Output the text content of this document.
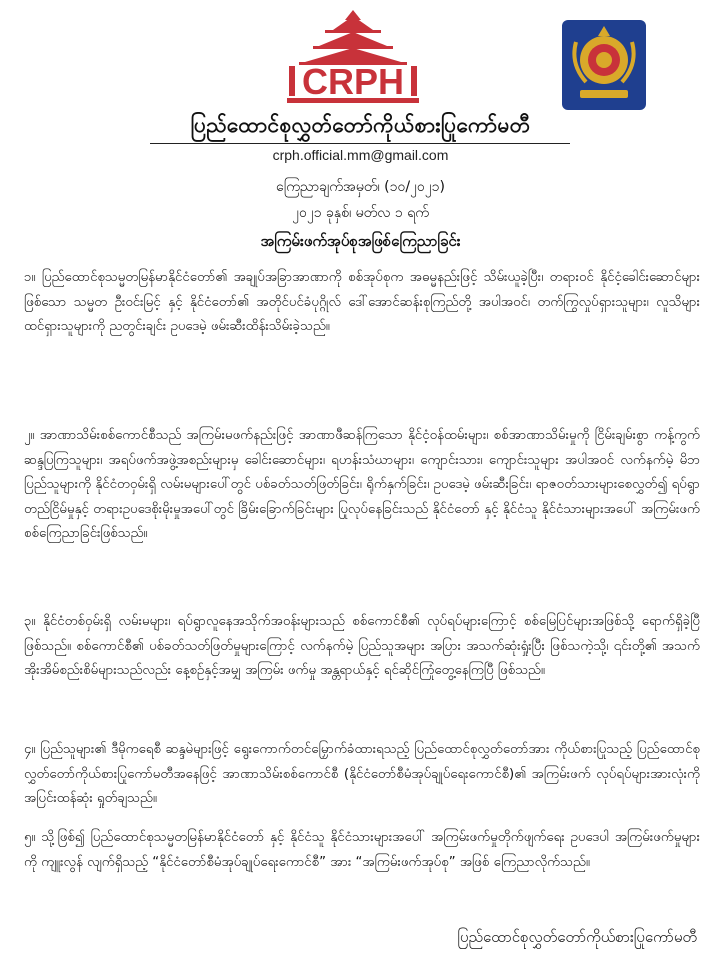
CRPH
ပြည်ထောင်စုလွှတ်တော်ကိုယ်စားပြုကော်မတီ
crph.official.mm@gmail.com
ကြေညာချက်အမှတ်၊ (၁၀/၂၀၂၁)
၂၀၂၁ ခုနှစ်၊ မတ်လ ၁ ရက်
အကြမ်းဖက်အုပ်စုအဖြစ်ကြေညာခြင်း
၁။ ပြည်ထောင်စုသမ္မတမြန်မာနိုင်ငံတော်၏ အချုပ်အခြာအာဏာကို စစ်အုပ်စုက အဓမ္မနည်းဖြင့် သိမ်းယူခဲ့ပြီး၊ တရားဝင် နိုင်ငံ့ခေါင်းဆောင်များဖြစ်သော သမ္မတ ဦးဝင်းမြင့် နှင့် နိုင်ငံတော်၏ အတိုင်ပင်ခံပုဂ္ဂိုလ် ဒေါ်အောင်ဆန်းစုကြည်တို့ အပါအဝင်၊ တက်ကြွလှုပ်ရှားသူများ၊ လူသိများထင်ရှားသူများကို ညတွင်းချင်း ဥပဒေမဲ့ ဖမ်းဆီးထိန်းသိမ်းခဲ့သည်။
၂။ အာဏာသိမ်းစစ်ကောင်စီသည် အကြမ်းမဖက်နည်းဖြင့် အာဏာဖီဆန်ကြသော နိုင်ငံ့ဝန်ထမ်းများ၊ စစ်အာဏာသိမ်းမှုကို ငြိမ်းချမ်းစွာ ကန့်ကွက် ဆန္ဒပြကြသူများ၊ အရပ်ဖက်အဖွဲ့အစည်းများမှ ခေါင်းဆောင်များ၊ ရဟန်းသံဃာများ၊ ကျောင်းသား၊ ကျောင်းသူများ အပါအဝင် လက်နက်မဲ့ မိဘပြည်သူများကို နိုင်ငံတဝှမ်းရှိ လမ်းမများပေါ်တွင် ပစ်ခတ်သတ်ဖြတ်ခြင်း၊ ရိုက်နှက်ခြင်း၊ ဥပဒေမဲ့ ဖမ်းဆီးခြင်း၊ ရာဇဝတ်သားများစေလွှတ်၍ ရပ်ရွာတည်ငြိမ်မှုနှင့် တရားဥပဒေစိုးမိုးမှုအပေါ်တွင် ခြိမ်းခြောက်ခြင်းများ ပြုလုပ်နေခြင်းသည် နိုင်ငံတော် နှင့် နိုင်ငံသူ နိုင်ငံသားများအပေါ် အကြမ်းဖက် စစ်ကြေညာခြင်းဖြစ်သည်။
၃။ နိုင်ငံတစ်ဝှမ်းရှိ လမ်းမများ၊ ရပ်ရွာလူနေအသိုက်အဝန်းများသည် စစ်ကောင်စီ၏ လုပ်ရပ်များကြောင့် စစ်မြေပြင်များအဖြစ်သို့ ရောက်ရှိခဲ့ပြီ ဖြစ်သည်။ စစ်ကောင်စီ၏ ပစ်ခတ်သတ်ဖြတ်မှုများကြောင့် လက်နက်မဲ့ ပြည်သူအများ အပြား အသက်ဆုံးရှုံးပြီး ဖြစ်သကဲ့သို့၊ ၎င်းတို့၏ အသက်အိုးအိမ်စည်းစိမ်များသည်လည်း နေ့စဉ်နှင့်အမျှ အကြမ်း ဖက်မှု အန္တရာယ်နှင့် ရင်ဆိုင်ကြုံတွေ့နေကြပြီ ဖြစ်သည်။
၄။ ပြည်သူများ၏ ဒီမိုကရေစီ ဆန္ဒမဲများဖြင့် ရွေးကောက်တင်မြှောက်ခံထားရသည့် ပြည်ထောင်စုလွှတ်တော်အား ကိုယ်စားပြုသည့် ပြည်ထောင်စုလွှတ်တော်ကိုယ်စားပြုကော်မတီအနေဖြင့် အာဏာသိမ်းစစ်ကောင်စီ (နိုင်ငံတော်စီမံအုပ်ချုပ်ရေးကောင်စီ)၏ အကြမ်းဖက် လုပ်ရပ်များအားလုံးကို အပြင်းထန်ဆုံး ရှုတ်ချသည်။
၅။ သို့ဖြစ်၍ ပြည်ထောင်စုသမ္မတမြန်မာနိုင်ငံတော် နှင့် နိုင်ငံသူ နိုင်ငံသားများအပေါ် အကြမ်းဖက်မှုတိုက်ဖျက်ရေး ဥပဒေပါ အကြမ်းဖက်မှုများကို ကျူးလွန် လျက်ရှိသည့် “နိုင်ငံတော်စီမံအုပ်ချုပ်ရေးကောင်စီ” အား “အကြမ်းဖက်အုပ်စု” အဖြစ် ကြေညာလိုက်သည်။
ပြည်ထောင်စုလွှတ်တော်ကိုယ်စားပြုကော်မတီ
